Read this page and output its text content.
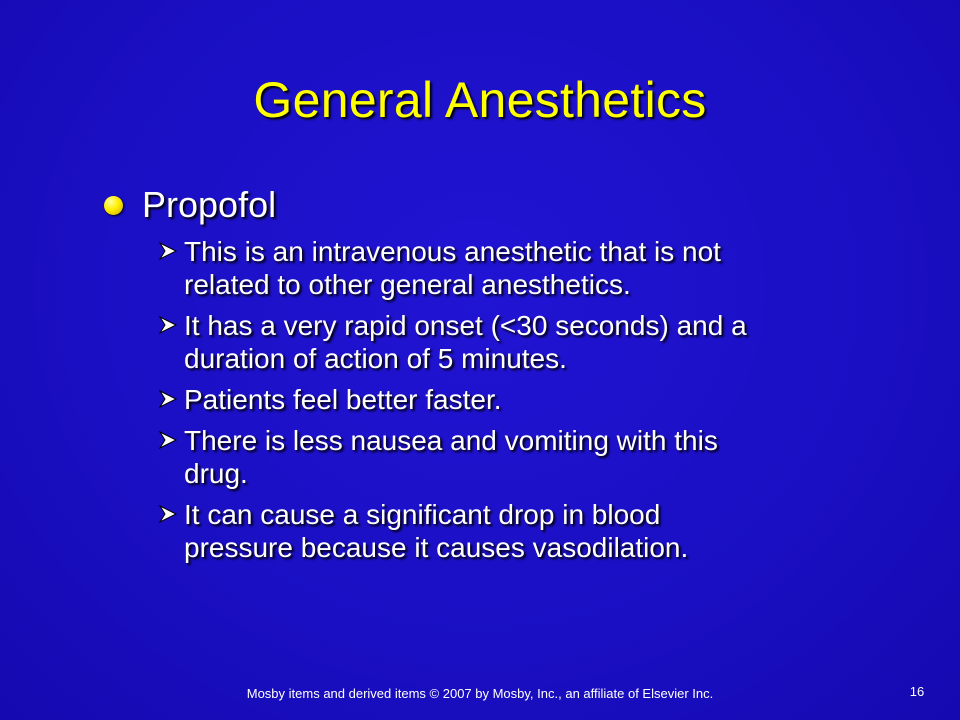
General Anesthetics
Propofol
This is an intravenous anesthetic that is not
related to other general anesthetics.
It has a very rapid onset (<30 seconds) and a
duration of action of 5 minutes.
Patients feel better faster.
There is less nausea and vomiting with this
drug.
It can cause a significant drop in blood
pressure because it causes vasodilation.
Mosby items and derived items © 2007 by Mosby, Inc., an affiliate of Elsevier Inc.	16
